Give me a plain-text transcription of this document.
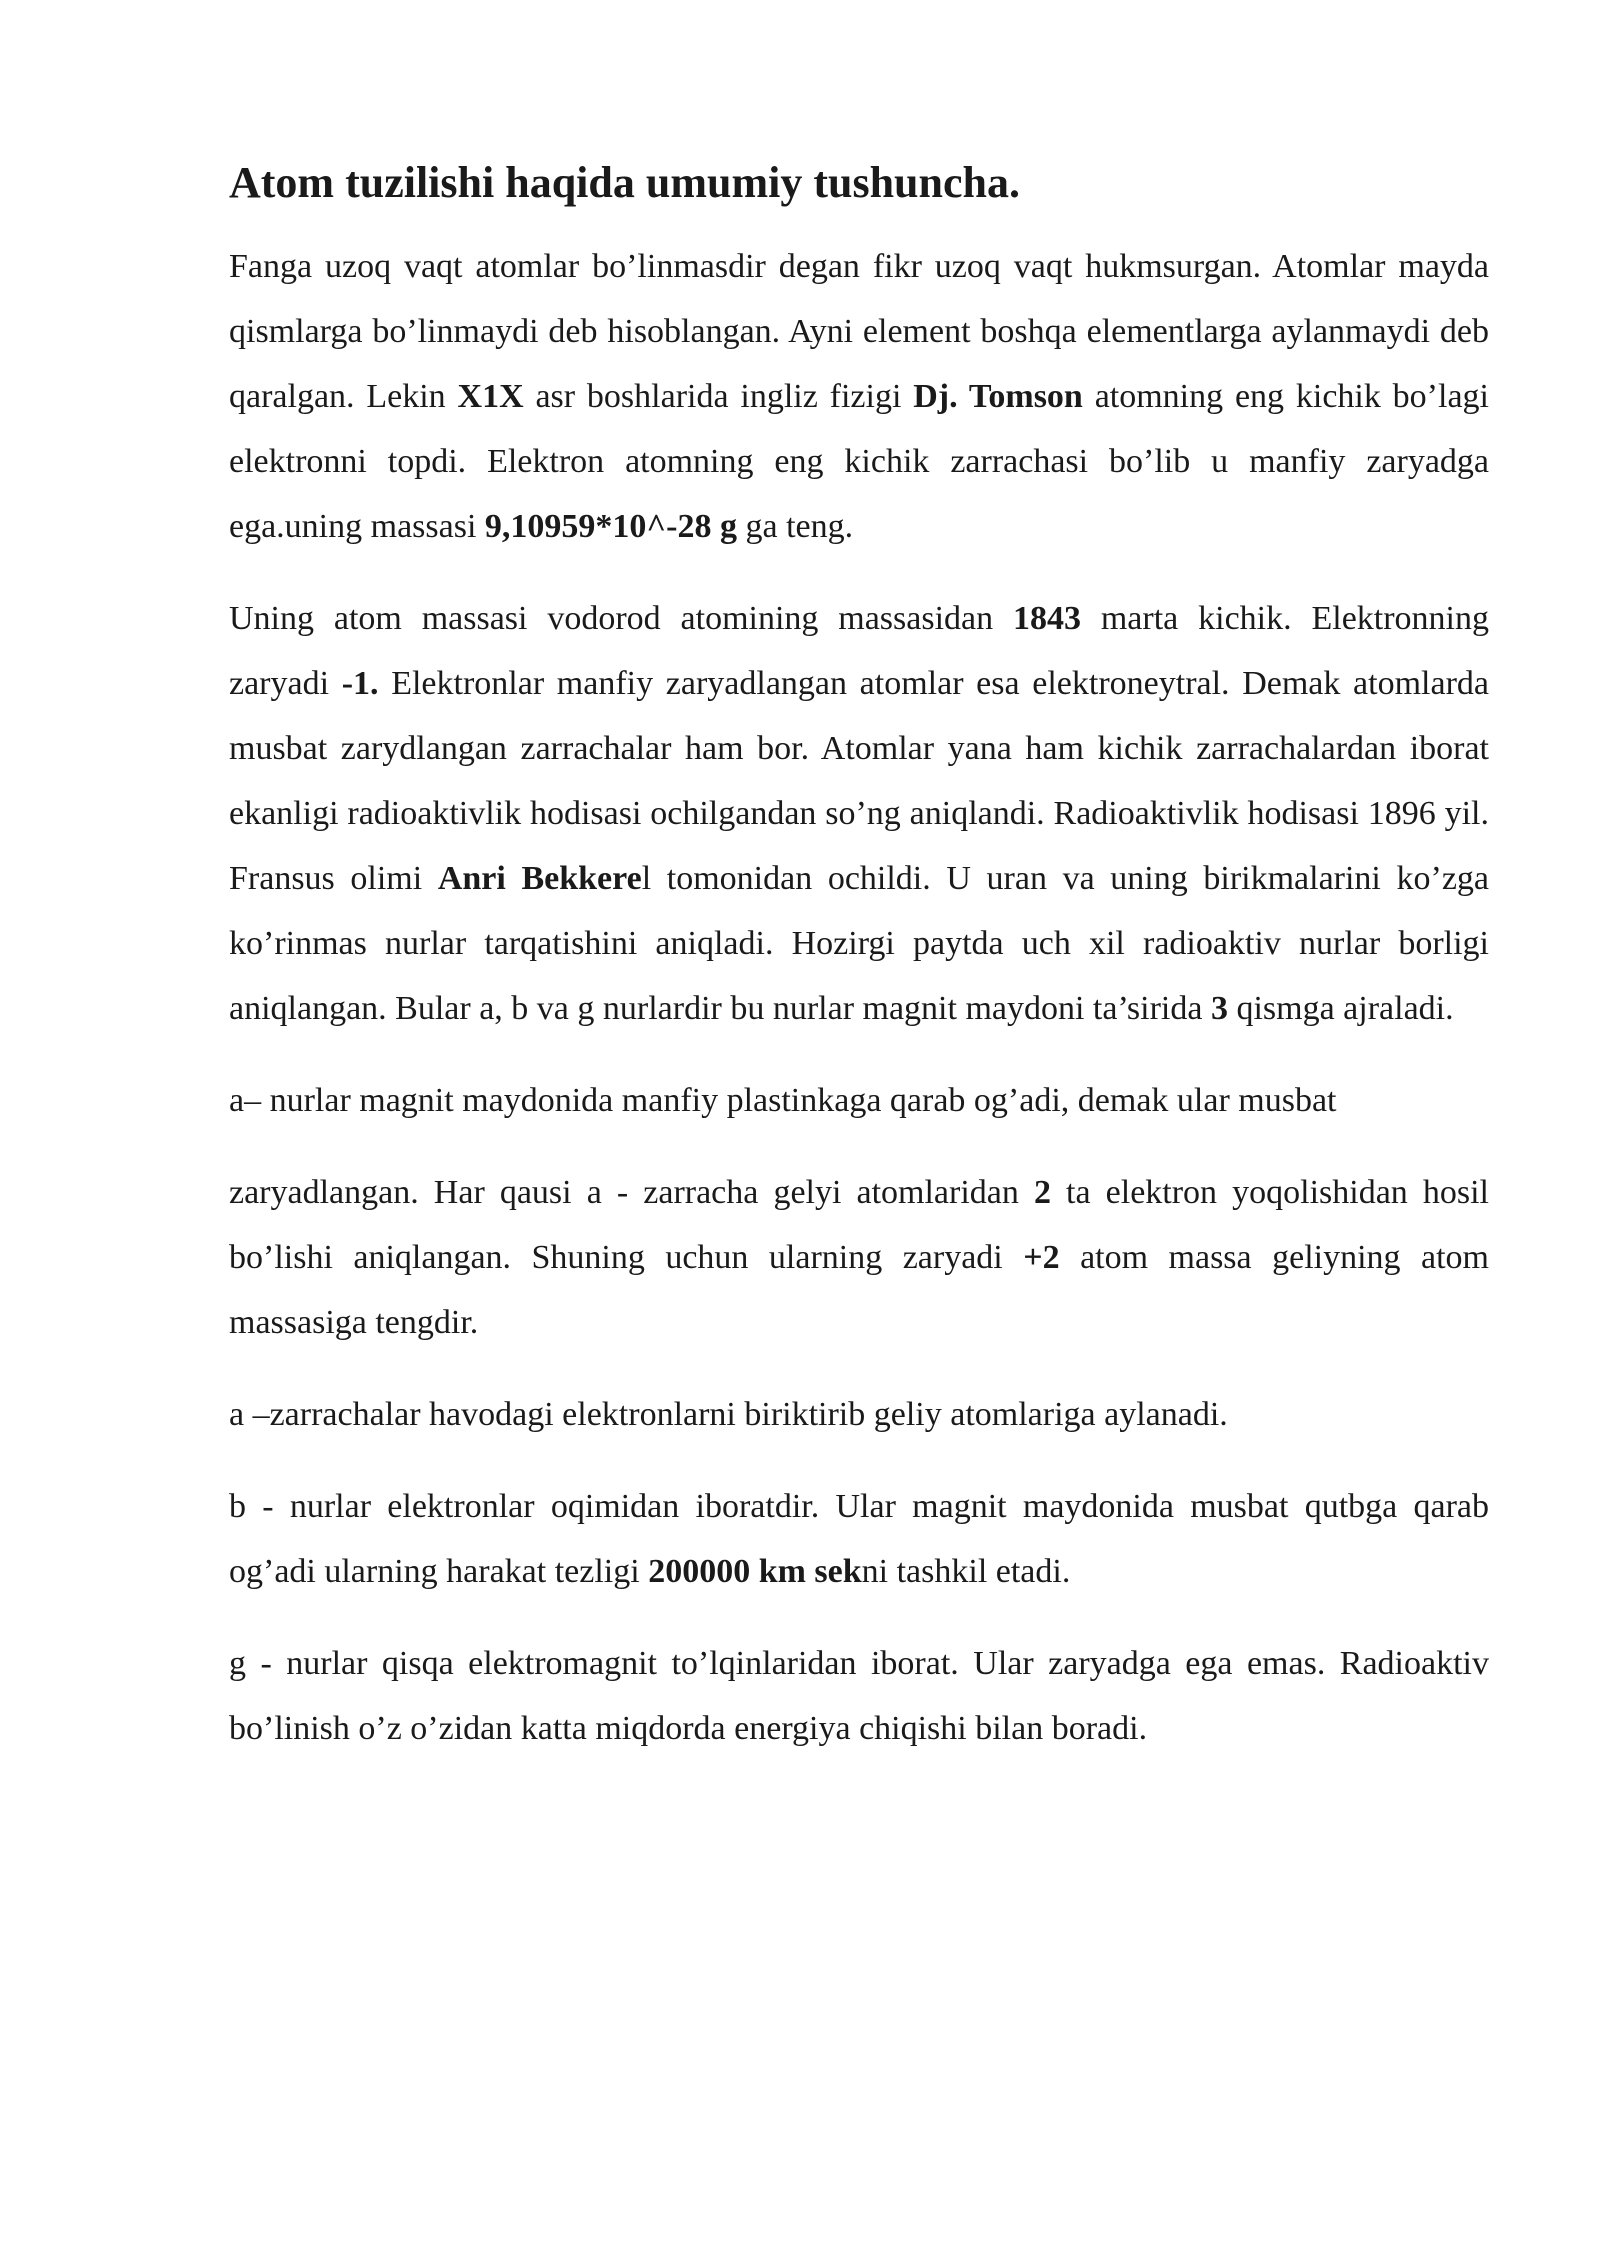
Atom tuzilishi haqida umumiy tushuncha.

Fanga uzoq vaqt atomlar bo’linmasdir degan fikr uzoq vaqt hukmsurgan. Atomlar mayda qismlarga bo’linmaydi deb hisoblangan. Ayni element boshqa elementlarga aylanmaydi deb qaralgan. Lekin X1X asr boshlarida ingliz fizigi Dj. Tomson atomning eng kichik bo’lagi elektronni topdi. Elektron atomning eng kichik zarrachasi bo’lib u manfiy zaryadga ega.uning massasi 9,10959*10^-28 g ga teng.

Uning atom massasi vodorod atomining massasidan 1843 marta kichik. Elektronning zaryadi -1. Elektronlar manfiy zaryadlangan atomlar esa elektroneytral. Demak atomlarda musbat zarydlangan zarrachalar ham bor. Atomlar yana ham kichik zarrachalardan iborat ekanligi radioaktivlik hodisasi ochilgandan so’ng aniqlandi. Radioaktivlik hodisasi 1896 yil. Fransus olimi Anri Bekkerel tomonidan ochildi. U uran va uning birikmalarini ko’zga ko’rinmas nurlar tarqatishini aniqladi. Hozirgi paytda uch xil radioaktiv nurlar borligi aniqlangan. Bular a, b va g nurlardir bu nurlar magnit maydoni ta’sirida 3 qismga ajraladi.

a– nurlar magnit maydonida manfiy plastinkaga qarab og’adi, demak ular musbat

zaryadlangan. Har qausi a - zarracha gelyi atomlaridan 2 ta elektron yoqolishidan hosil bo’lishi aniqlangan. Shuning uchun ularning zaryadi +2 atom massa geliyning atom massasiga tengdir.

a –zarrachalar havodagi elektronlarni biriktirib geliy atomlariga aylanadi.

b - nurlar elektronlar oqimidan iboratdir. Ular magnit maydonida musbat qutbga qarab og’adi ularning harakat tezligi 200000 km sekni tashkil etadi.

g - nurlar qisqa elektromagnit to’lqinlaridan iborat. Ular zaryadga ega emas. Radioaktiv bo’linish o’z o’zidan katta miqdorda energiya chiqishi bilan boradi.
